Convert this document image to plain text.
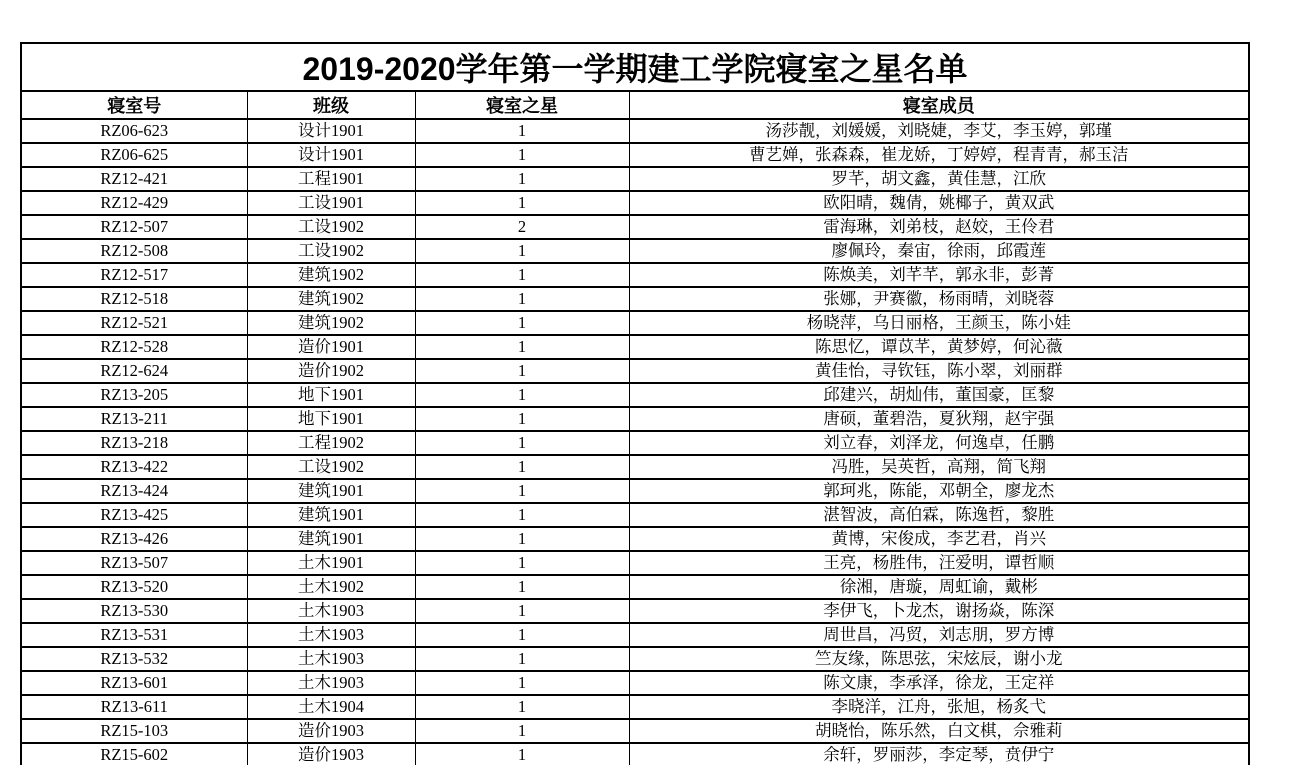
2019-2020学年第一学期建工学院寝室之星名单			
寝室号	班级	寝室之星	寝室成员
RZ06-623	设计1901	1	汤莎靓，刘媛媛，刘晓婕，李艾，李玉婷，郭瑾
RZ06-625	设计1901	1	曹艺婵，张森森，崔龙娇，丁婷婷，程青青，郝玉洁
RZ12-421	工程1901	1	罗芊，胡文鑫，黄佳慧，江欣
RZ12-429	工设1901	1	欧阳晴，魏倩，姚椰子，黄双武
RZ12-507	工设1902	2	雷海琳，刘弟枝，赵姣，王伶君
RZ12-508	工设1902	1	廖佩玲，秦宙，徐雨，邱霞莲
RZ12-517	建筑1902	1	陈焕美，刘芊芊，郭永非，彭菁
RZ12-518	建筑1902	1	张娜，尹赛徽，杨雨晴，刘晓蓉
RZ12-521	建筑1902	1	杨晓萍，乌日丽格，王颜玉，陈小娃
RZ12-528	造价1901	1	陈思忆，谭苡芊，黄梦婷，何沁薇
RZ12-624	造价1902	1	黄佳怡，寻钦钰，陈小翠，刘丽群
RZ13-205	地下1901	1	邱建兴，胡灿伟，董国豪，匡黎
RZ13-211	地下1901	1	唐硕，董碧浩，夏狄翔，赵宇强
RZ13-218	工程1902	1	刘立春，刘泽龙，何逸卓，任鹏
RZ13-422	工设1902	1	冯胜，吴英哲，高翔，简飞翔
RZ13-424	建筑1901	1	郭珂兆，陈能，邓朝全，廖龙杰
RZ13-425	建筑1901	1	湛智波，高伯霖，陈逸哲，黎胜
RZ13-426	建筑1901	1	黄博，宋俊成，李艺君，肖兴
RZ13-507	土木1901	1	王亮，杨胜伟，汪爱明，谭哲顺
RZ13-520	土木1902	1	徐湘，唐璇，周虹谕，戴彬
RZ13-530	土木1903	1	李伊飞，卜龙杰，谢扬焱，陈深
RZ13-531	土木1903	1	周世昌，冯贸，刘志朋，罗方博
RZ13-532	土木1903	1	竺友缘，陈思弦，宋炫辰，谢小龙
RZ13-601	土木1903	1	陈文康，李承泽，徐龙，王定祥
RZ13-611	土木1904	1	李晓洋，江舟，张旭，杨炙弋
RZ15-103	造价1903	1	胡晓怡，陈乐然，白文棋，佘雅莉
RZ15-602	造价1903	1	余轩，罗丽莎，李定琴，贲伊宁
